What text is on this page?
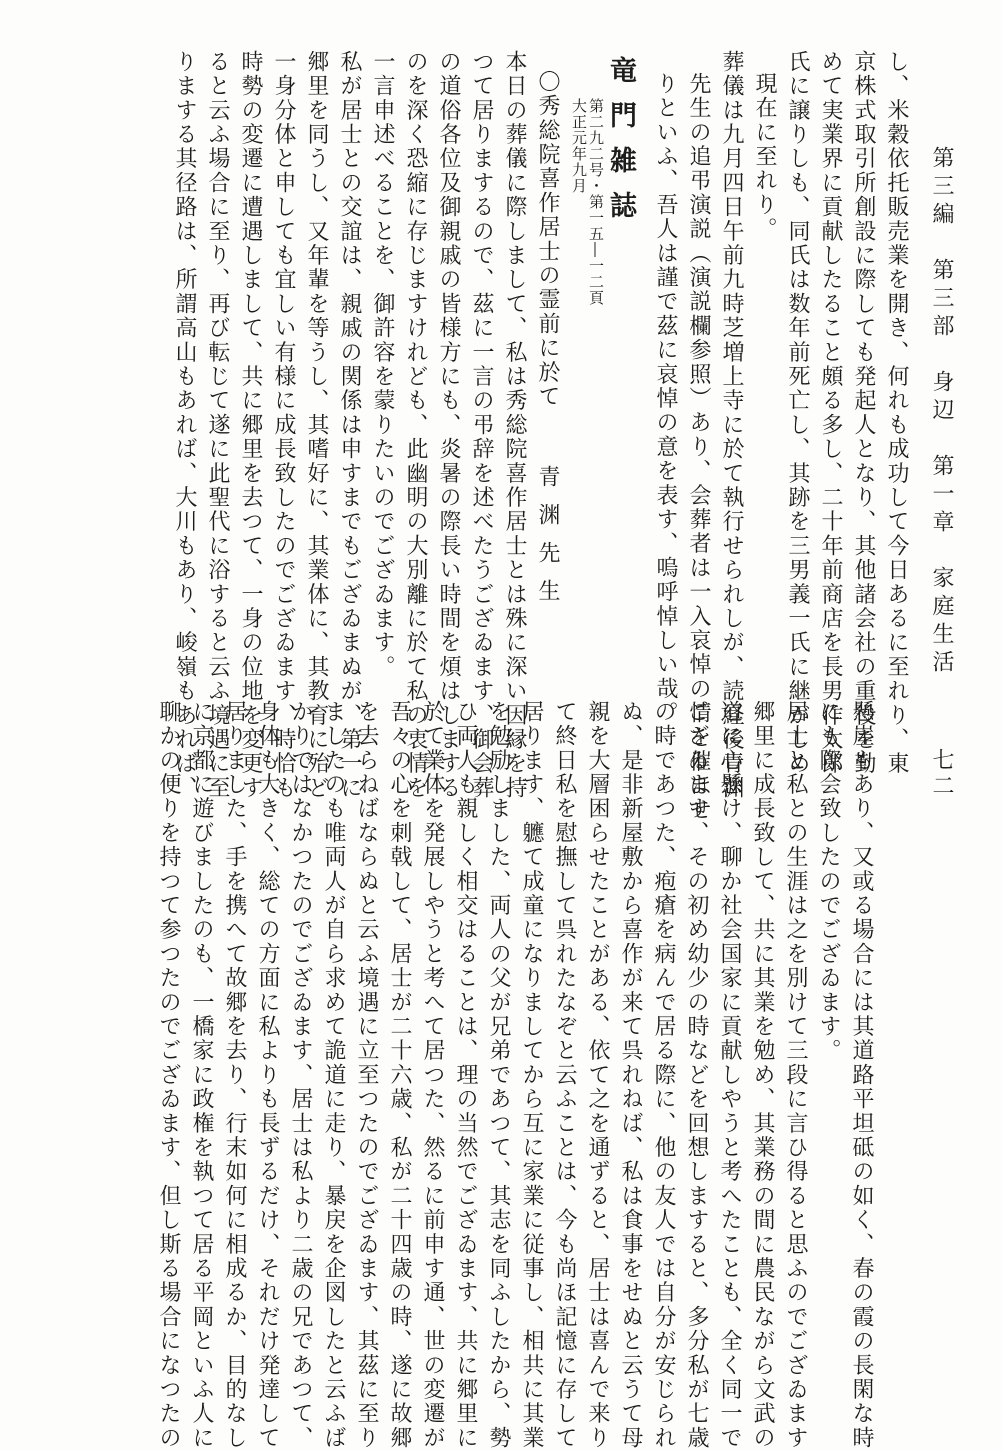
第三編　第三部　身辺　第一章　家庭生活
七二
し、米穀依托販売業を開き、何れも成功して今日あるに至れり、東
京株式取引所創設に際しても発起人となり、其他諸会社の重役を勤
めて実業界に貢献したること頗る多し、二十年前商店を長男作太郎
氏に譲りしも、同氏は数年前死亡し、其跡を三男義一氏に継がしめ
現在に至れり。
葬儀は九月四日午前九時芝増上寺に於て執行せられしが、読経後青渊
先生の追弔演説（演説欄参照）あり、会葬者は一入哀悼の情を催ほせ
りといふ、吾人は謹で茲に哀悼の意を表す、嗚呼悼しい哉。
竜門雑誌
第二九二号・第一五―一二頁
大正元年九月
〇秀総院喜作居士の霊前に於て青渊先生
本日の葬儀に際しまして、私は秀総院喜作居士とは殊に深い因縁を持
つて居りまするので、茲に一言の弔辞を述べたうござゐます、御会葬
の道俗各位及御親戚の皆様方にも、炎暑の際長い時間を煩はしまする
のを深く恐縮に存じますけれども、此幽明の大別離に於て私の衷情を
一言申述べることを、御許容を蒙りたいのでござゐます。
私が居士との交誼は、親戚の関係は申すまでもござゐまぬが、第一に
郷里を同うし、又年輩を等うし、其嗜好に、其業体に、其教育に殆ど
一身分体と申しても宜しい有様に成長致したのでござゐます、時恰も
時勢の変遷に遭遇しまして、共に郷里を去つて、一身の位地を変更す
ると云ふ場合に至り、再び転じて遂に此聖代に浴すると云ふ境遇に至
りまする其径路は、所謂高山もあれば、大川もあり、峻嶺もあれば、
懸崖もあり、又或る場合には其道路平坦砥の如く、春の霞の長閑な時
にも際会致したのでござゐます。
居士と私との生涯は之を別けて三段に言ひ得ると思ふのでござゐます
郷里に成長致して、共に其業を勉め、其業務の間に農民ながら文武の
道に心懸け、聊か社会国家に貢献しやうと考へたことも、全く同一で
ござゐます、その初め幼少の時などを回想しますると、多分私が七歳
の時であつた、疱瘡を病んで居る際に、他の友人では自分が安じられ
ぬ、是非新屋敷から喜作が来て呉れねば、私は食事をせぬと云うて母
親を大層困らせたことがある、依て之を通ずると、居士は喜んで来り
て終日私を慰撫して呉れたなぞと云ふことは、今も尚ほ記憶に存して
居ります、軈て成童になりましてから互に家業に従事し、相共に其業
を勉励しました、両人の父が兄弟であつて、其志を同ふしたから、勢
ひ両人も親しく相交はることは、理の当然でござゐます、共に郷里に
於て業体を発展しやうと考へて居つた、然るに前申す通、世の変遷が
吾々の心を刺戟して、居士が二十六歳、私が二十四歳の時、遂に故郷
を去らねばならぬと云ふ境遇に立至つたのでござゐます、其茲に至り
ましたのも唯両人が自ら求めて詭道に走り、暴戻を企図したと云ふば
かりではなかつたのでござゐます、居士は私より二歳の兄であつて、
身体も大きく、総ての方面に私よりも長ずるだけ、それだけ発達して
居りました、手を携へて故郷を去り、行末如何に相成るか、目的なし
に京都に遊びましたのも、一橋家に政権を執つて居る平岡といふ人に
聊かの便りを持つて参つたのでござゐます、但し斯る場合になつたの
